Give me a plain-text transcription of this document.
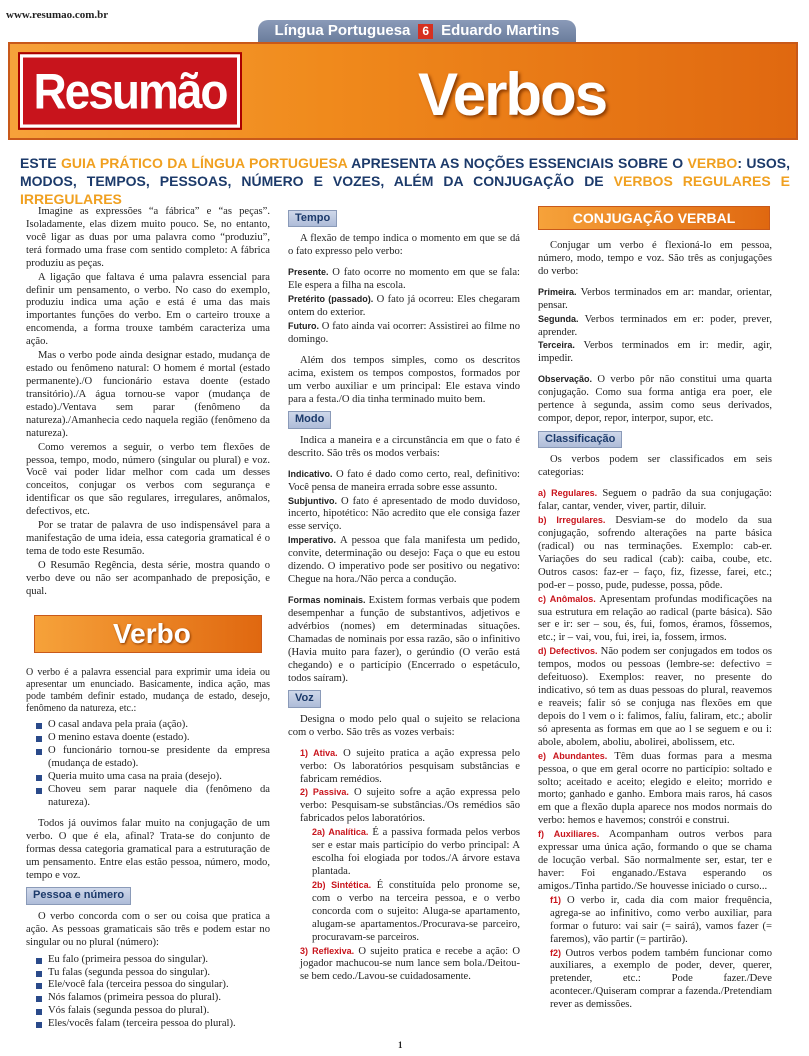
www.resumao.com.br
Língua Portuguesa	6 Eduardo Martins
Resumão	Verbos
ESTE GUIA PRÁTICO DA LÍNGUA PORTUGUESA APRESENTA AS NOÇÕES ESSENCIAIS SOBRE O VERBO: USOS, MODOS, TEMPOS, PESSOAS, NÚMERO E VOZES, ALÉM DA CONJUGAÇÃO DE VERBOS REGULARES E IRREGULARES

Imagine as expressões “a fábrica” e “as peças”. Isoladamente, elas dizem muito pouco. Se, no entanto, você ligar as duas por uma palavra como “produziu”, terá formado uma frase com sentido completo: A fábrica produziu as peças.

A ligação que faltava é uma palavra essencial para definir um pensamento, o verbo. No caso do exemplo, produziu indica uma ação e está é uma das mais importantes funções do verbo. Em o carteiro trouxe a encomenda, a forma trouxe também caracteriza uma ação.

Mas o verbo pode ainda designar estado, mudança de estado ou fenômeno natural: O homem é mortal (estado permanente)./O funcionário estava doente (estado transitório)./A água tornou-se vapor (mudança de estado)./Ventava sem parar (fenômeno da natureza)./Amanhecia cedo naquela região (fenômeno da natureza).

Como veremos a seguir, o verbo tem flexões de pessoa, tempo, modo, número (singular ou plural) e voz. Você vai poder lidar melhor com cada um desses conceitos, conjugar os verbos com segurança e identificar os que são regulares, irregulares, anômalos, defectivos, etc.

Por se tratar de palavra de uso indispensável para a manifestação de uma ideia, essa categoria gramatical é o tema de todo este Resumão.

O Resumão Regência, desta série, mostra quando o verbo deve ou não ser acompanhado de preposição, e qual.

Verbo

O verbo é a palavra essencial para exprimir uma ideia ou apresentar um enunciado. Basicamente, indica ação, mas pode também definir estado, mudança de estado, desejo, fenômeno da natureza, etc.:

O casal andava pela praia (ação).
O menino estava doente (estado).
O funcionário tornou-se presidente da empresa (mudança de estado).
Queria muito uma casa na praia (desejo).
Choveu sem parar naquele dia (fenômeno da natureza).

Todos já ouvimos falar muito na conjugação de um verbo. O que é ela, afinal? Trata-se do conjunto de formas dessa categoria gramatical para a estruturação de um pensamento. Entre elas estão pessoa, número, modo, tempo e voz.

Pessoa e número

O verbo concorda com o ser ou coisa que pratica a ação. As pessoas gramaticais são três e podem estar no singular ou no plural (número):

Eu falo (primeira pessoa do singular).
Tu falas (segunda pessoa do singular).
Ele/você fala (terceira pessoa do singular).
Nós falamos (primeira pessoa do plural).
Vós falais (segunda pessoa do plural).
Eles/vocês falam (terceira pessoa do plural).
Tempo

A flexão de tempo indica o momento em que se dá o fato expresso pelo verbo:

Presente. O fato ocorre no momento em que se fala: Ele espera a filha na escola.

Pretérito (passado). O fato já ocorreu: Eles chegaram ontem do exterior.

Futuro. O fato ainda vai ocorrer: Assistirei ao filme no domingo.

Além dos tempos simples, como os descritos acima, existem os tempos compostos, formados por um verbo auxiliar e um principal: Ele estava vindo para a festa./O dia tinha terminado muito bem.

Modo

Indica a maneira e a circunstância em que o fato é descrito. São três os modos verbais:

Indicativo. O fato é dado como certo, real, definitivo: Você pensa de maneira errada sobre esse assunto.

Subjuntivo. O fato é apresentado de modo duvidoso, incerto, hipotético: Não acredito que ele consiga fazer esse serviço.

Imperativo. A pessoa que fala manifesta um pedido, convite, determinação ou desejo: Faça o que eu estou dizendo. O imperativo pode ser positivo ou negativo: Chegue na hora./Não perca a condução.

Formas nominais. Existem formas verbais que podem desempenhar a função de substantivos, adjetivos e advérbios (nomes) em determinadas situações. Chamadas de nominais por essa razão, são o infinitivo (Havia muito para fazer), o gerúndio (O verão está chegando) e o particípio (Encerrado o espetáculo, todos saíram).

Voz

Designa o modo pelo qual o sujeito se relaciona com o verbo. São três as vozes verbais:

1) Ativa. O sujeito pratica a ação expressa pelo verbo: Os laboratórios pesquisam substâncias e fabricam remédios.

2) Passiva. O sujeito sofre a ação expressa pelo verbo: Pesquisam-se substâncias./Os remédios são fabricados pelos laboratórios.

2a) Analítica. É a passiva formada pelos verbos ser e estar mais particípio do verbo principal: A escolha foi elogiada por todos./A árvore estava plantada.

2b) Sintética. É constituída pelo pronome se, com o verbo na terceira pessoa, e o verbo concorda com o sujeito: Aluga-se apartamento, alugam-se apartamentos./Procurava-se parceiro, procuravam-se parceiros.

3) Reflexiva. O sujeito pratica e recebe a ação: O jogador machucou-se num lance sem bola./Deitou-se bem cedo./Lavou-se cuidadosamente.

CONJUGAÇÃO VERBAL

Conjugar um verbo é flexioná-lo em pessoa, número, modo, tempo e voz. São três as conjugações do verbo:

Primeira. Verbos terminados em ar: mandar, orientar, pensar.

Segunda. Verbos terminados em er: poder, prever, aprender.

Terceira. Verbos terminados em ir: medir, agir, impedir.

Observação. O verbo pôr não constitui uma quarta conjugação. Como sua forma antiga era poer, ele pertence à segunda, assim como seus derivados, compor, depor, repor, interpor, supor, etc.

Classificação

Os verbos podem ser classificados em seis categorias:

a) Regulares. Seguem o padrão da sua conjugação: falar, cantar, vender, viver, partir, diluir.

b) Irregulares. Desviam-se do modelo da sua conjugação, sofrendo alterações na parte básica (radical) ou nas terminações. Exemplo: cab-er. Variações do seu radical (cab): caiba, coube, etc. Outros casos: faz-er – faço, fiz, fizesse, farei, etc.; pod-er – posso, pude, pudesse, possa, pôde.

c) Anômalos. Apresentam profundas modificações na sua estrutura em relação ao radical (parte básica). São ser e ir: ser – sou, és, fui, fomos, éramos, fôssemos, etc.; ir – vai, vou, fui, irei, ia, fossem, irmos.

d) Defectivos. Não podem ser conjugados em todos os tempos, modos ou pessoas (lembre-se: defectivo = defeituoso). Exemplos: reaver, no presente do indicativo, só tem as duas pessoas do plural, reavemos e reaveis; falir só se conjuga nas flexões em que depois do l vem o i: falimos, falíu, faliram, etc.; abolir só apresenta as formas em que ao l se seguem e ou i: abole, abolem, aboliu, abolirei, abolissem, etc.

e) Abundantes. Têm duas formas para a mesma pessoa, o que em geral ocorre no particípio: soltado e solto; aceitado e aceito; elegido e eleito; morrido e morto; ganhado e ganho. Embora mais raros, há casos em que a flexão dupla aparece nos modos normais do verbo: hemos e havemos; constrói e construi.

f) Auxiliares. Acompanham outros verbos para expressar uma única ação, formando o que se chama de locução verbal. São normalmente ser, estar, ter e haver: Foi enganado./Estava esperando os amigos./Tinha partido./Se houvesse iniciado o curso...

f1) O verbo ir, cada dia com maior frequência, agrega-se ao infinitivo, como verbo auxiliar, para formar o futuro: vai sair (= sairá), vamos fazer (= faremos), vão partir (= partirão).

f2) Outros verbos podem também funcionar como auxiliares, a exemplo de poder, dever, querer, pretender, etc.: Pode fazer./Deve acontecer./Quiseram comprar a fazenda./Pretendiam rever as demissões.

1
